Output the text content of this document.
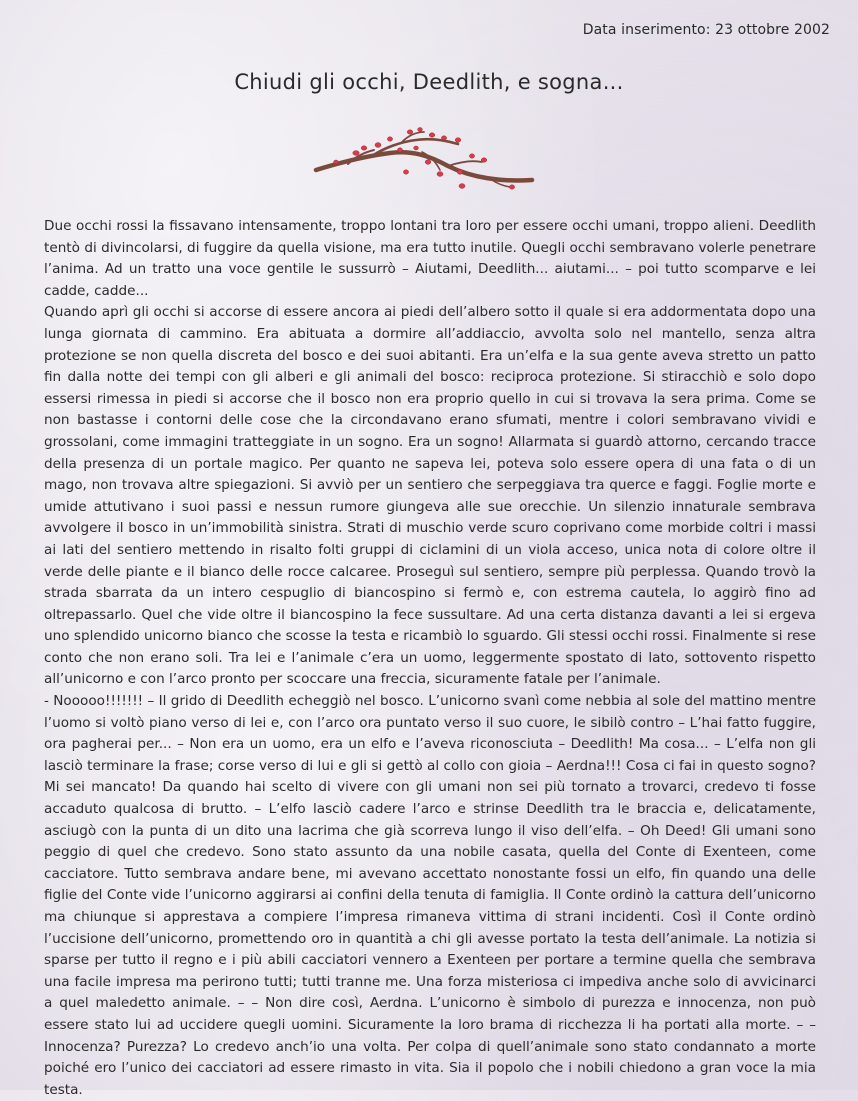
Data inserimento: 23 ottobre 2002
Chiudi gli occhi, Deedlith, e sogna...

Due occhi rossi la fissavano intensamente, troppo lontani tra loro per essere occhi umani, troppo alieni. Deedlith tentò di divincolarsi, di fuggire da quella visione, ma era tutto inutile. Quegli occhi sembravano volerle penetrare l’anima. Ad un tratto una voce gentile le sussurrò – Aiutami, Deedlith... aiutami... – poi tutto scomparve e lei cadde, cadde...

Quando aprì gli occhi si accorse di essere ancora ai piedi dell’albero sotto il quale si era addormentata dopo una lunga giornata di cammino. Era abituata a dormire all’addiaccio, avvolta solo nel mantello, senza altra protezione se non quella discreta del bosco e dei suoi abitanti. Era un’elfa e la sua gente aveva stretto un patto fin dalla notte dei tempi con gli alberi e gli animali del bosco: reciproca protezione. Si stiracchiò e solo dopo essersi rimessa in piedi si accorse che il bosco non era proprio quello in cui si trovava la sera prima. Come se non bastasse i contorni delle cose che la circondavano erano sfumati, mentre i colori sembravano vividi e grossolani, come immagini tratteggiate in un sogno. Era un sogno! Allarmata si guardò attorno, cercando tracce della presenza di un portale magico. Per quanto ne sapeva lei, poteva solo essere opera di una fata o di un mago, non trovava altre spiegazioni. Si avviò per un sentiero che serpeggiava tra querce e faggi. Foglie morte e umide attutivano i suoi passi e nessun rumore giungeva alle sue orecchie. Un silenzio innaturale sembrava avvolgere il bosco in un’immobilità sinistra. Strati di muschio verde scuro coprivano come morbide coltri i massi ai lati del sentiero mettendo in risalto folti gruppi di ciclamini di un viola acceso, unica nota di colore oltre il verde delle piante e il bianco delle rocce calcaree. Proseguì sul sentiero, sempre più perplessa. Quando trovò la strada sbarrata da un intero cespuglio di biancospino si fermò e, con estrema cautela, lo aggirò fino ad oltrepassarlo. Quel che vide oltre il biancospino la fece sussultare. Ad una certa distanza davanti a lei si ergeva uno splendido unicorno bianco che scosse la testa e ricambiò lo sguardo. Gli stessi occhi rossi. Finalmente si rese conto che non erano soli. Tra lei e l’animale c’era un uomo, leggermente spostato di lato, sottovento rispetto all’unicorno e con l’arco pronto per scoccare una freccia, sicuramente fatale per l’animale.

- Nooooo!!!!!!! – Il grido di Deedlith echeggiò nel bosco. L’unicorno svanì come nebbia al sole del mattino mentre l’uomo si voltò piano verso di lei e, con l’arco ora puntato verso il suo cuore, le sibilò contro – L’hai fatto fuggire, ora pagherai per... – Non era un uomo, era un elfo e l’aveva riconosciuta – Deedlith! Ma cosa... – L’elfa non gli lasciò terminare la frase; corse verso di lui e gli si gettò al collo con gioia – Aerdna!!! Cosa ci fai in questo sogno? Mi sei mancato! Da quando hai scelto di vivere con gli umani non sei più tornato a trovarci, credevo ti fosse accaduto qualcosa di brutto. – L’elfo lasciò cadere l’arco e strinse Deedlith tra le braccia e, delicatamente, asciugò con la punta di un dito una lacrima che già scorreva lungo il viso dell’elfa. – Oh Deed! Gli umani sono peggio di quel che credevo. Sono stato assunto da una nobile casata, quella del Conte di Exenteen, come cacciatore. Tutto sembrava andare bene, mi avevano accettato nonostante fossi un elfo, fin quando una delle figlie del Conte vide l’unicorno aggirarsi ai confini della tenuta di famiglia. Il Conte ordinò la cattura dell’unicorno ma chiunque si apprestava a compiere l’impresa rimaneva vittima di strani incidenti. Così il Conte ordinò l’uccisione dell’unicorno, promettendo oro in quantità a chi gli avesse portato la testa dell’animale. La notizia si sparse per tutto il regno e i più abili cacciatori vennero a Exenteen per portare a termine quella che sembrava una facile impresa ma perirono tutti; tutti tranne me. Una forza misteriosa ci impediva anche solo di avvicinarci a quel maledetto animale. – – Non dire così, Aerdna. L’unicorno è simbolo di purezza e innocenza, non può essere stato lui ad uccidere quegli uomini. Sicuramente la loro brama di ricchezza li ha portati alla morte. – – Innocenza? Purezza? Lo credevo anch’io una volta. Per colpa di quell’animale sono stato condannato a morte poiché ero l’unico dei cacciatori ad essere rimasto in vita. Sia il popolo che i nobili chiedono a gran voce la mia testa.
